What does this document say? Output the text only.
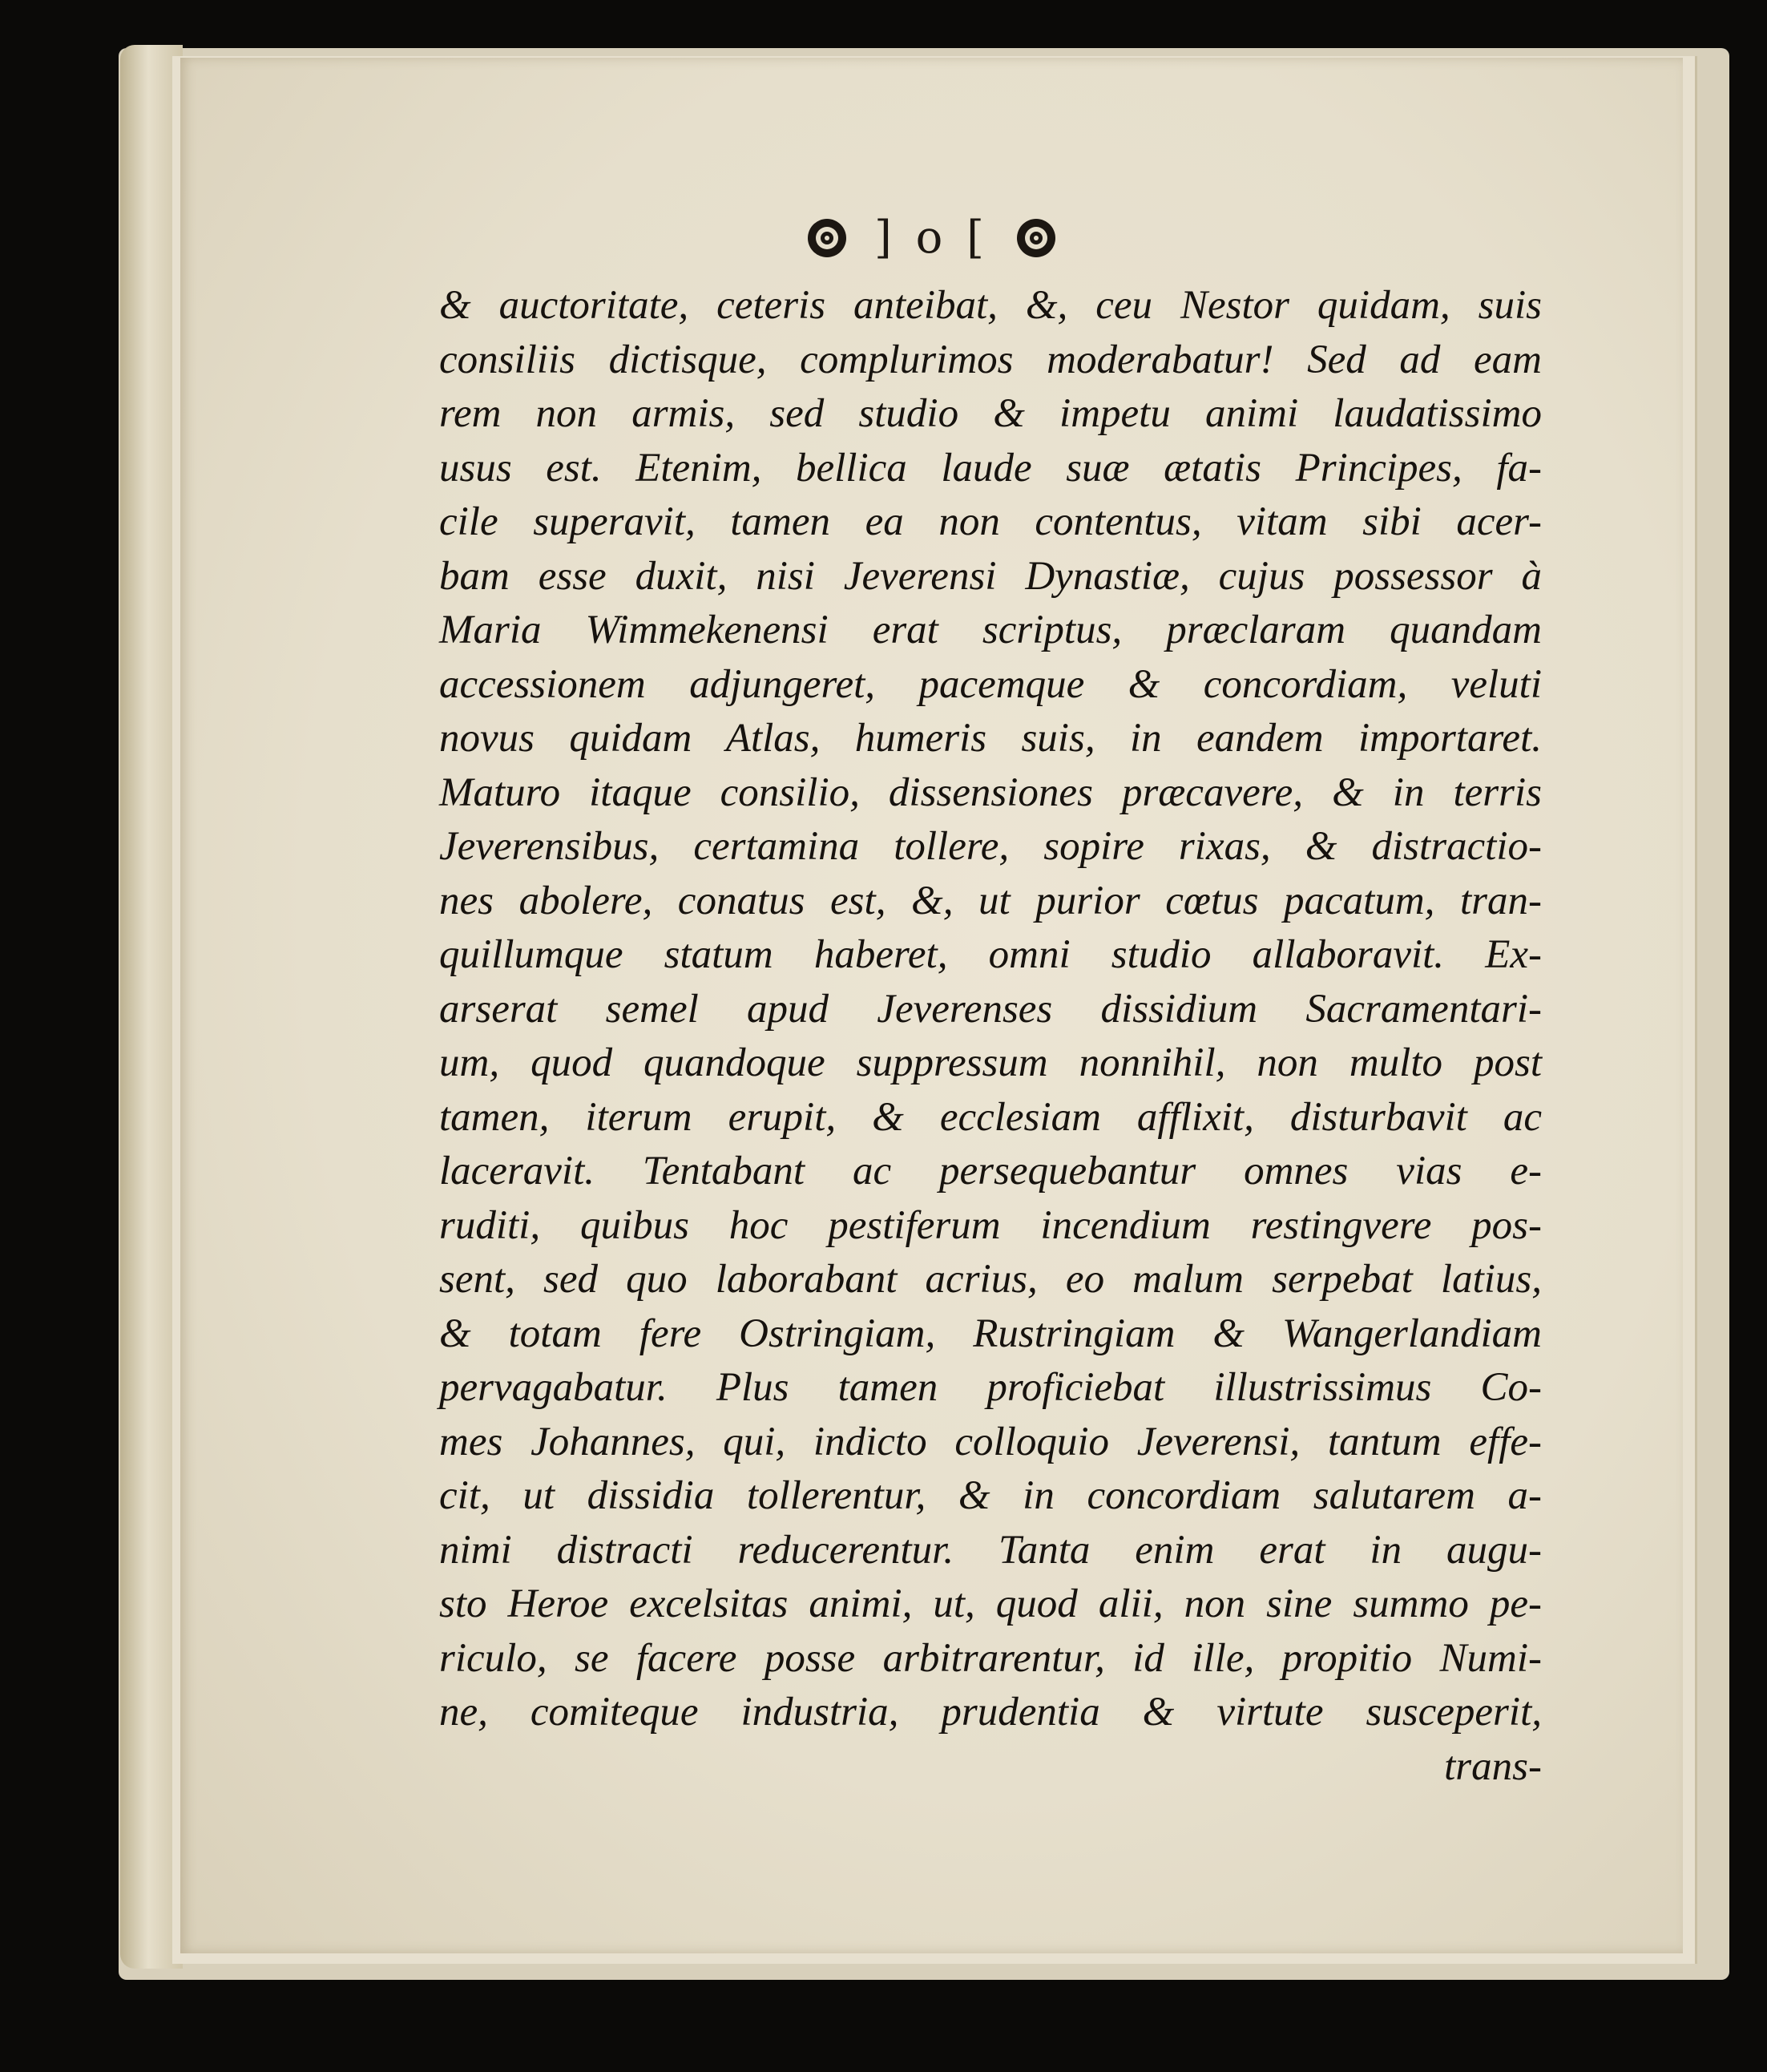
] o [
& auctoritate, ceteris anteibat, &, ceu Nestor quidam, suis
consiliis dictisque, complurimos moderabatur! Sed ad eam
rem non armis, sed studio & impetu animi laudatissimo
usus est. Etenim, bellica laude suæ ætatis Principes, fa-
cile superavit, tamen ea non contentus, vitam sibi acer-
bam esse duxit, nisi Jeverensi Dynastiæ, cujus possessor à
Maria Wimmekenensi erat scriptus, præclaram quandam
accessionem adjungeret, pacemque & concordiam, veluti
novus quidam Atlas, humeris suis, in eandem importaret.
Maturo itaque consilio, dissensiones præcavere, & in terris
Jeverensibus, certamina tollere, sopire rixas, & distractio-
nes abolere, conatus est, &, ut purior cœtus pacatum, tran-
quillumque statum haberet, omni studio allaboravit. Ex-
arserat semel apud Jeverenses dissidium Sacramentari-
um, quod quandoque suppressum nonnihil, non multo post
tamen, iterum erupit, & ecclesiam afflixit, disturbavit ac
laceravit. Tentabant ac persequebantur omnes vias e-
ruditi, quibus hoc pestiferum incendium restingvere pos-
sent, sed quo laborabant acrius, eo malum serpebat latius,
& totam fere Ostringiam, Rustringiam & Wangerlandiam
pervagabatur. Plus tamen proficiebat illustrissimus Co-
mes Johannes, qui, indicto colloquio Jeverensi, tantum effe-
cit, ut dissidia tollerentur, & in concordiam salutarem a-
nimi distracti reducerentur. Tanta enim erat in augu-
sto Heroe excelsitas animi, ut, quod alii, non sine summo pe-
riculo, se facere posse arbitrarentur, id ille, propitio Numi-
ne, comiteque industria, prudentia & virtute susceperit,
trans-
